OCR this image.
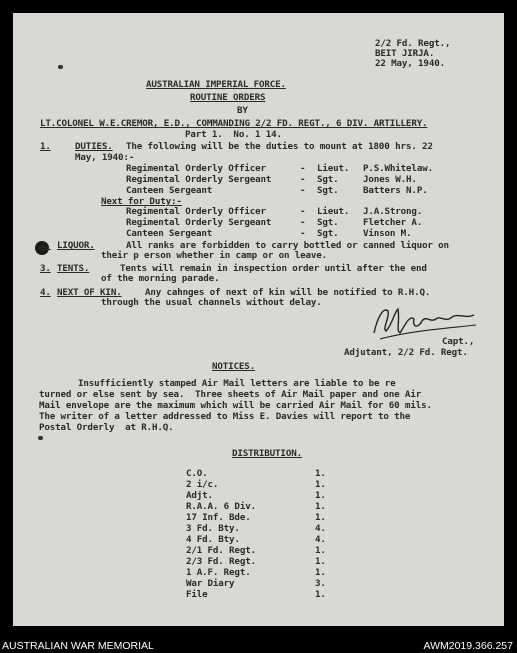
2/2 Fd. Regt.,
BEIT JIRJA.
22 May, 1940.
AUSTRALIAN IMPERIAL FORCE.
ROUTINE ORDERS
BY
LT.COLONEL W.E.CREMOR, E.D., COMMANDING 2/2 FD. REGT., 6 DIV. ARTILLERY.
Part 1.  No. 1 14.
1.	DUTIES. The following will be the duties to mount at 1800 hrs. 22
May, 1940:-
Regimental Orderly Officer	- Lieut. P.S.Whitelaw.
Regimental Orderly Sergeant	- Sgt.	Jones W.H.
Canteen Sergeant	- Sgt.	Batters N.P.
Next for Duty:-
Regimental Orderly Officer	- Lieut. J.A.Strong.
Regimental Orderly Sergeant	- Sgt.	Fletcher A.
Canteen Sergeant	- Sgt.	Vinson M.
2. LIQUOR.	All ranks are forbidden to carry bottled or canned liquor on
their p erson whether in camp or on leave.
3. TENTS.	Tents will remain in inspection order until after the end
of the morning parade.
4. NEXT OF KIN.	Any cahnges of next of kin will be notified to R.H.Q.
through the usual channels without delay.
Capt.,
Adjutant, 2/2 Fd. Regt.
NOTICES.
Insufficiently stamped Air Mail letters are liable to be re
turned or else sent by sea.  Three sheets of Air Mail paper and one Air
Mail envelope are the maximum which will be carried Air Mail for 60 mils.
The writer of a letter addressed to Miss E. Davies will report to the
Postal Orderly  at R.H.Q.
DISTRIBUTION.
C.O.	1.
2 i/c.	1.
Adjt.	1.
R.A.A. 6 Div.	1.
17 Inf. Bde.	1.
3 Fd. Bty.	4.
4 Fd. Bty.	4.
2/1 Fd. Regt.	1.
2/3 Fd. Regt.	1.
1 A.F. Regt.	1.
War Diary	3.
File	1.
AUSTRALIAN WAR MEMORIAL	AWM2019.366.257
